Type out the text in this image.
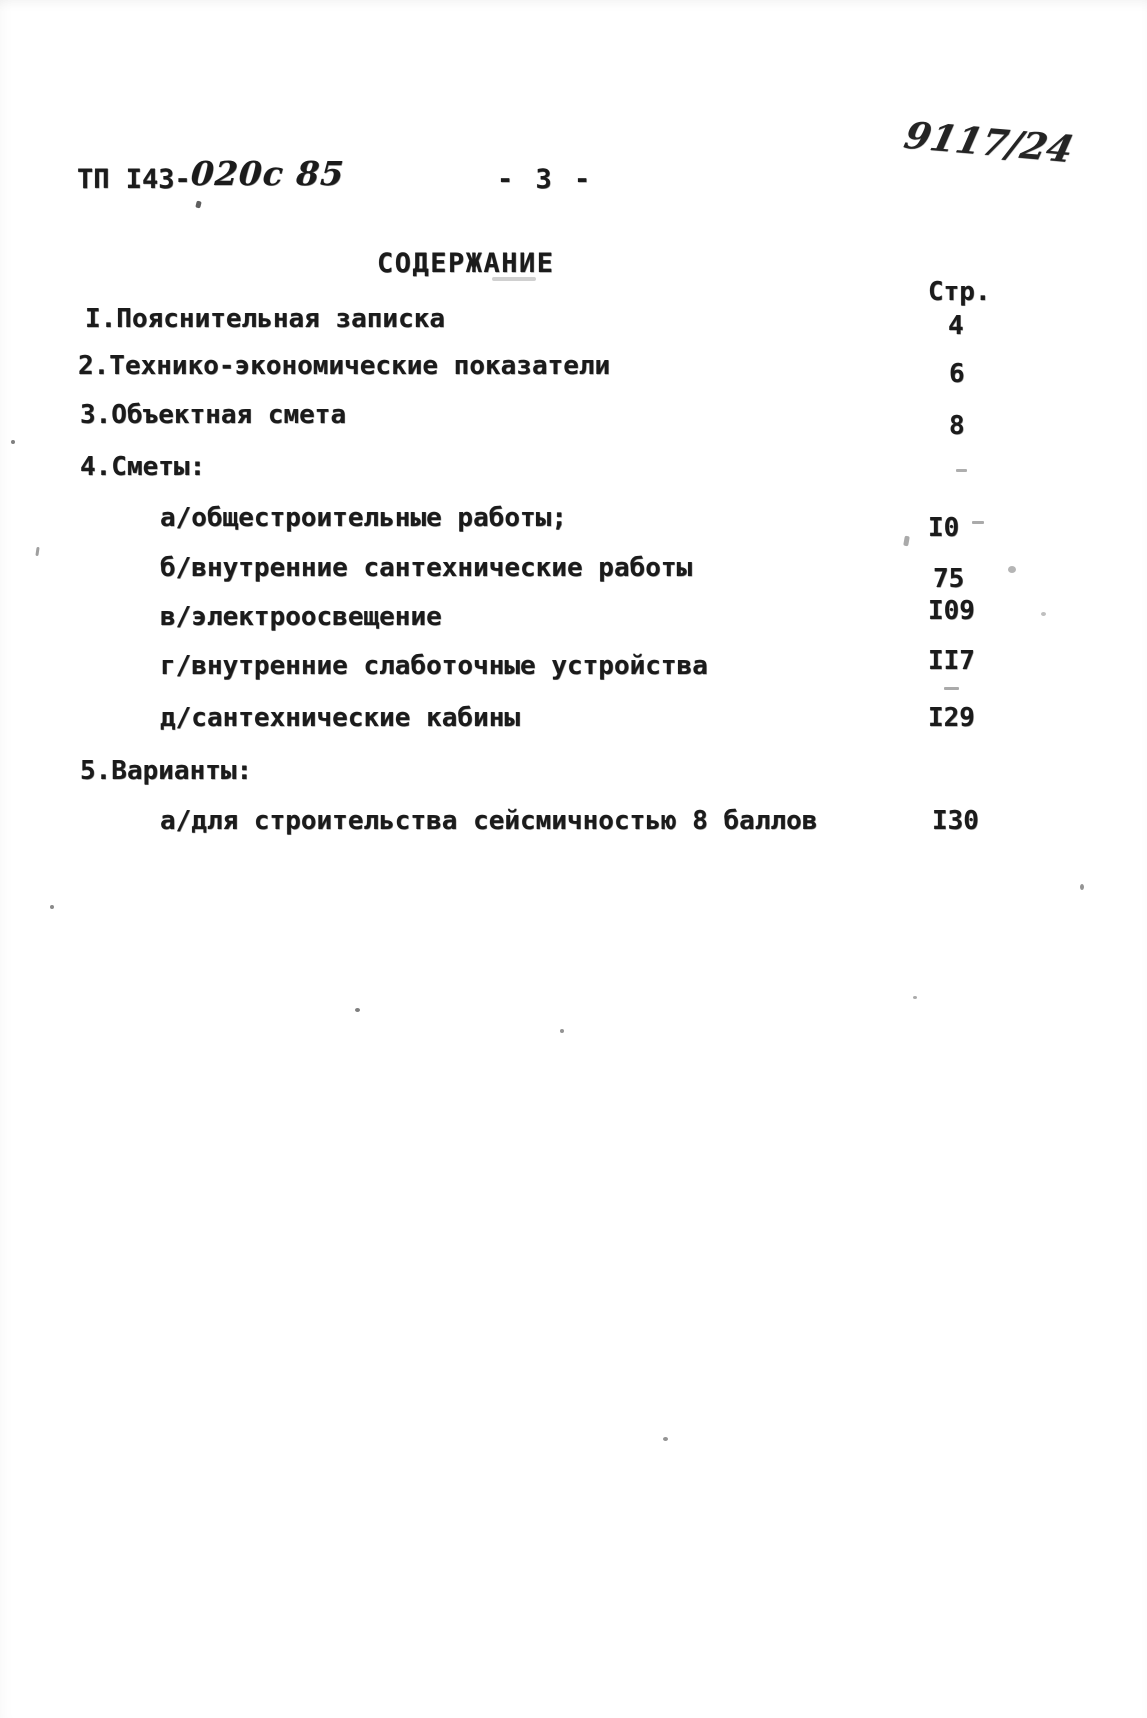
ТП I43-020с 85	- 3 -
9117/24
СОДЕРЖАНИЕ
Стр.
I.Пояснительная записка	4
2.Технико-экономические показатели	6
3.Объектная смета	8
4.Сметы:
а/общестроительные работы;	I0
б/внутренние сантехнические работы	75
в/электроосвещение	I09
г/внутренние слаботочные устройства	II7
д/сантехнические кабины	I29
5.Варианты:
а/для строительства сейсмичностью 8 баллов	I30
